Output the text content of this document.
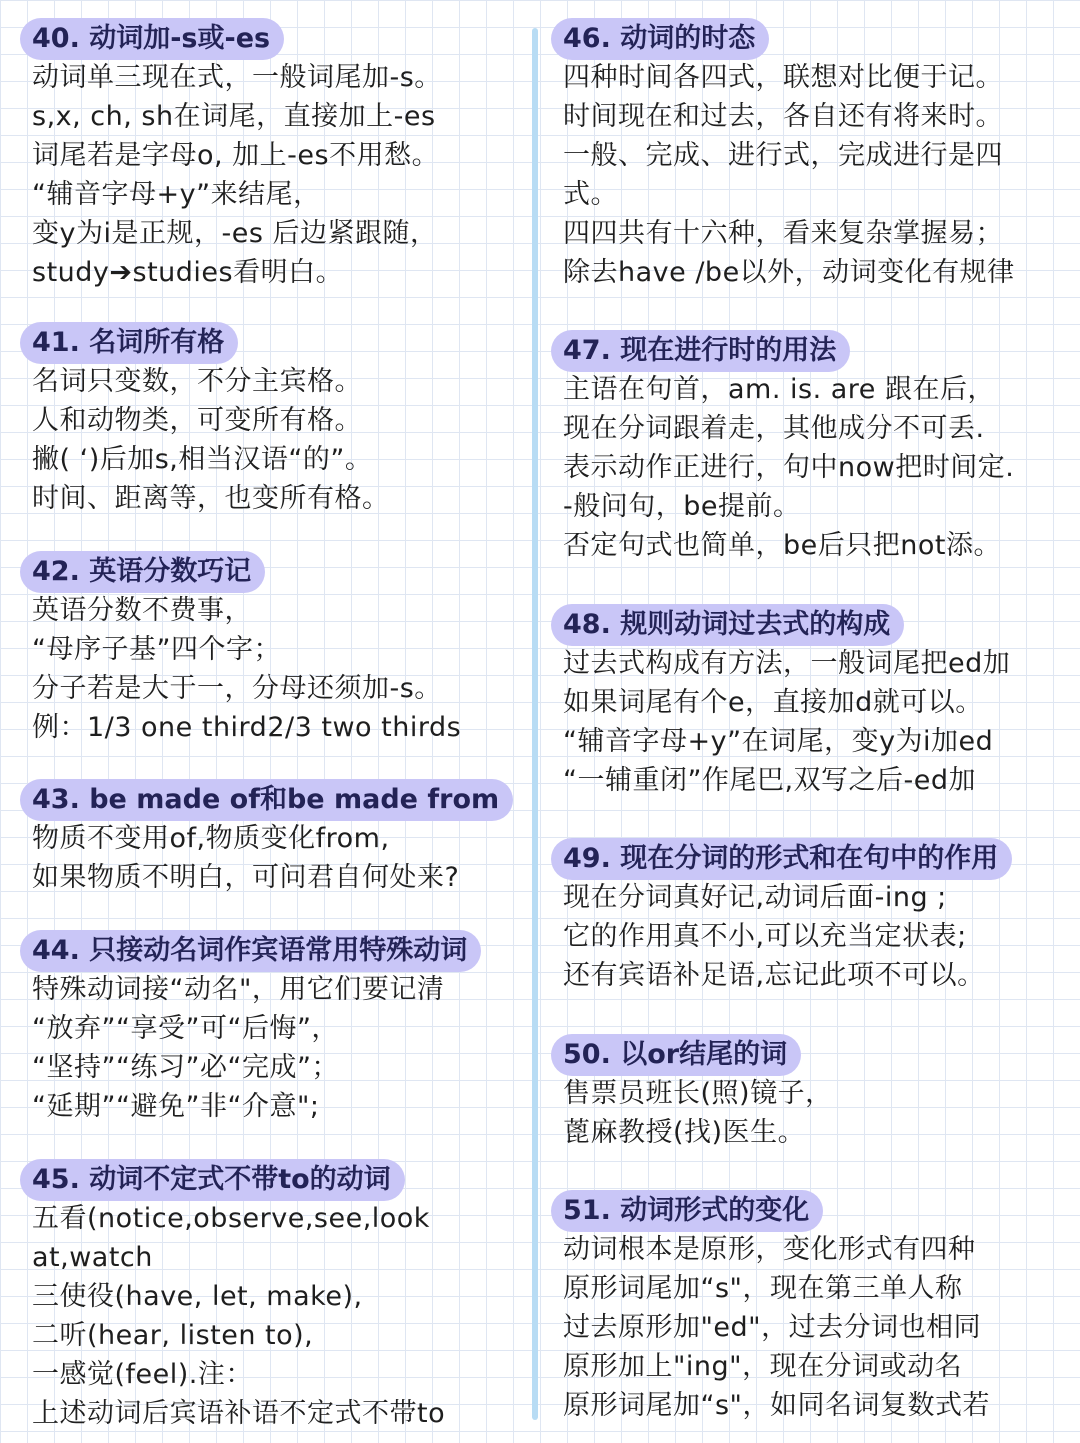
40. 动词加-s或-es
动词单三现在式，一般词尾加-s。
s,x, ch, sh在词尾，直接加上-es
词尾若是字母o, 加上-es不用愁。
“辅音字母+y”来结尾，
变y为i是正规，-es 后边紧跟随，
study➔studies看明白。
41. 名词所有格
名词只变数，不分主宾格。
人和动物类，可变所有格。
撇( ‘)后加s,相当汉语“的”。
时间、距离等，也变所有格。
42. 英语分数巧记
英语分数不费事，
“母序子基”四个字；
分子若是大于一，分母还须加-s。
例：1/3 one third2/3 two thirds
43. be made of和be made from
物质不变用of,物质变化from,
如果物质不明白，可问君自何处来?
44. 只接动名词作宾语常用特殊动词
特殊动词接“动名"，用它们要记清
“放弃”“享受”可“后悔”，
“坚持”“练习”必“完成”；
“延期”“避免”非“介意";
45. 动词不定式不带to的动词
五看(notice,observe,see,look
at,watch
三使役(have, let, make),
二听(hear, listen to),
一感觉(feel).注：
上述动词后宾语补语不定式不带to
46. 动词的时态
四种时间各四式，联想对比便于记。
时间现在和过去，各自还有将来时。
一般、完成、进行式，完成进行是四
式。
四四共有十六种，看来复杂掌握易；
除去have /be以外，动词变化有规律
47. 现在进行时的用法
主语在句首，am. is. are 跟在后，
现在分词跟着走，其他成分不可丢.
表示动作正进行，句中now把时间定.
-般问句，be提前。
否定句式也简单，be后只把not添。
48. 规则动词过去式的构成
过去式构成有方法，一般词尾把ed加
如果词尾有个e，直接加d就可以。
“辅音字母+y”在词尾，变y为i加ed
“一辅重闭”作尾巴,双写之后-ed加
49. 现在分词的形式和在句中的作用
现在分词真好记,动词后面-ing ;
它的作用真不小,可以充当定状表;
还有宾语补足语,忘记此项不可以。
50. 以or结尾的词
售票员班长(照)镜子，
蓖麻教授(找)医生。
51. 动词形式的变化
动词根本是原形，变化形式有四种
原形词尾加“s"，现在第三单人称
过去原形加"ed"，过去分词也相同
原形加上"ing"，现在分词或动名
原形词尾加“s"，如同名词复数式若
